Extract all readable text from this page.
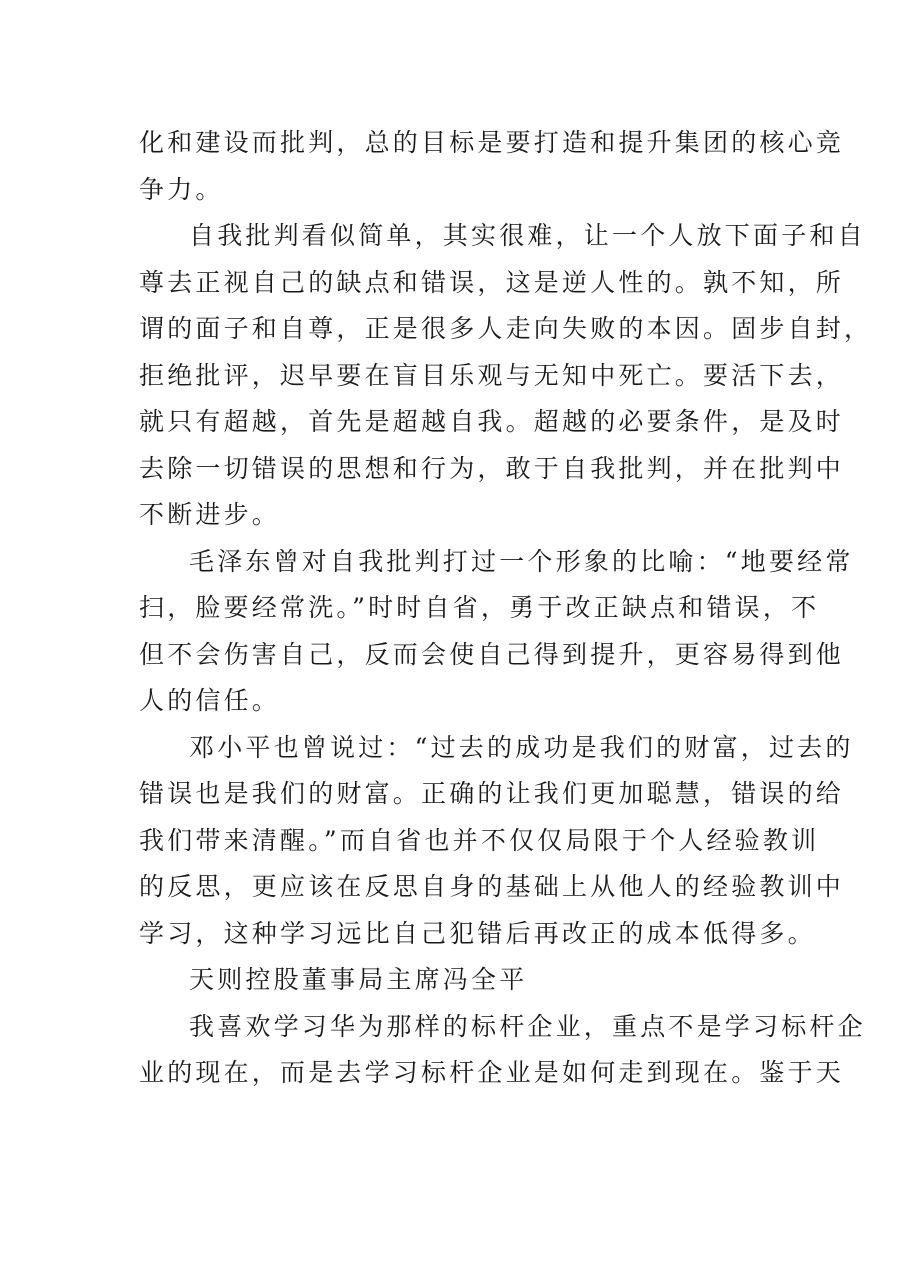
化和建设而批判，总的目标是要打造和提升集团的核心竞
争力。
自我批判看似简单，其实很难，让一个人放下面子和自
尊去正视自己的缺点和错误，这是逆人性的。孰不知，所
谓的面子和自尊，正是很多人走向失败的本因。固步自封，
拒绝批评，迟早要在盲目乐观与无知中死亡。要活下去，
就只有超越，首先是超越自我。超越的必要条件，是及时
去除一切错误的思想和行为，敢于自我批判，并在批判中
不断进步。
毛泽东曾对自我批判打过一个形象的比喻：“地要经常
扫，脸要经常洗。”时时自省，勇于改正缺点和错误，不
但不会伤害自己，反而会使自己得到提升，更容易得到他
人的信任。
邓小平也曾说过：“过去的成功是我们的财富，过去的
错误也是我们的财富。正确的让我们更加聪慧，错误的给
我们带来清醒。”而自省也并不仅仅局限于个人经验教训
的反思，更应该在反思自身的基础上从他人的经验教训中
学习，这种学习远比自己犯错后再改正的成本低得多。
天则控股董事局主席冯全平
我喜欢学习华为那样的标杆企业，重点不是学习标杆企
业的现在，而是去学习标杆企业是如何走到现在。鉴于天
